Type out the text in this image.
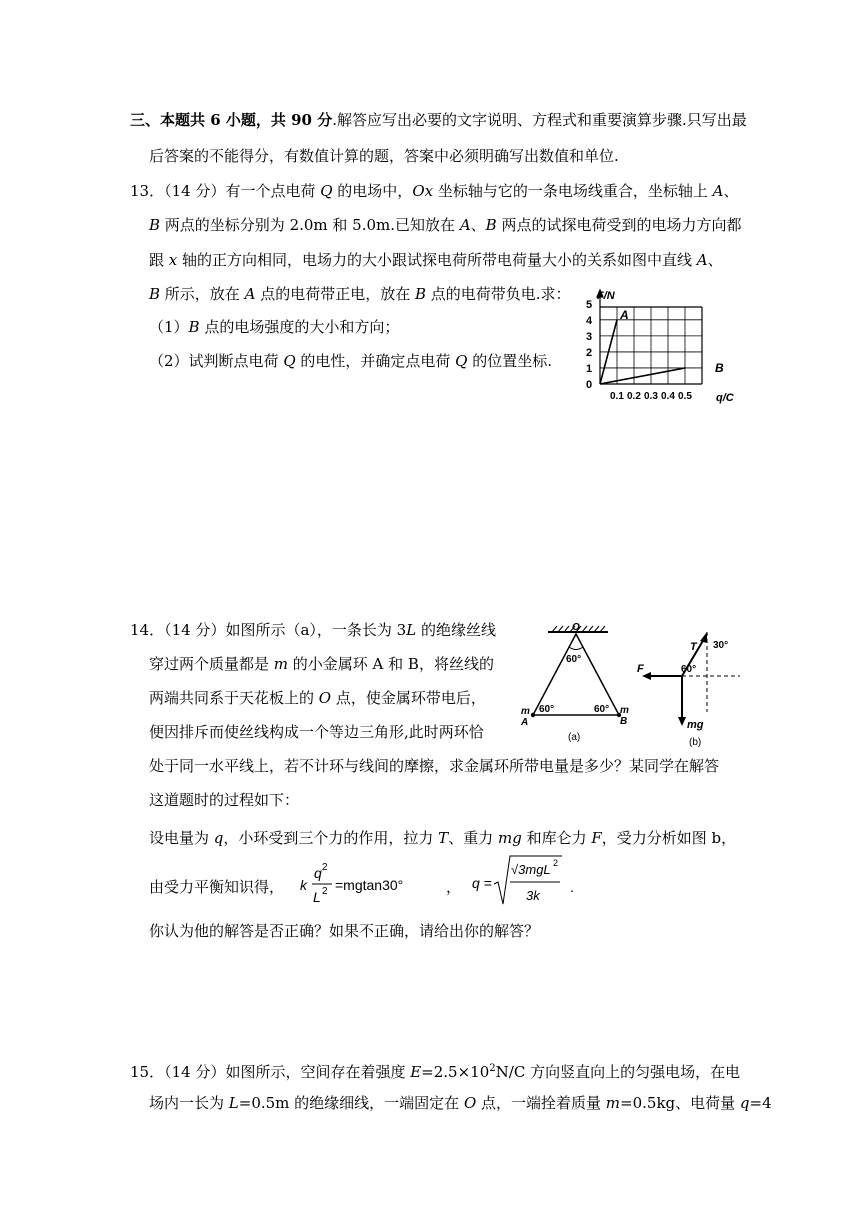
三、本题共 6 小题，共 90 分.解答应写出必要的文字说明、方程式和重要演算步骤.只写出最
后答案的不能得分，有数值计算的题，答案中必须明确写出数值和单位.
13．（14 分）有一个点电荷 Q 的电场中，Ox 坐标轴与它的一条电场线重合，坐标轴上 A、
B 两点的坐标分别为 2.0m 和 5.0m.已知放在 A、B 两点的试探电荷受到的电场力方向都
跟 x 轴的正方向相同，电场力的大小跟试探电荷所带电荷量大小的关系如图中直线 A、
B 所示，放在 A 点的电荷带正电，放在 B 点的电荷带负电.求：
（1）B 点的电场强度的大小和方向；
（2）试判断点电荷 Q 的电性，并确定点电荷 Q 的位置坐标.
F/N
5
4
3
2
1
0
0.1 0.2 0.3 0.4 0.5 q/C
A
B
14．（14 分）如图所示（a），一条长为 3L 的绝缘丝线
穿过两个质量都是 m 的小金属环 A 和 B，将丝线的
两端共同系于天花板上的 O 点，使金属环带电后，
便因排斥而使丝线构成一个等边三角形,此时两环恰
处于同一水平线上，若不计环与线间的摩擦，求金属环所带电量是多少？某同学在解答
这道题时的过程如下：
设电量为 q，小环受到三个力的作用，拉力 T、重力 mg 和库仑力 F，受力分析如图 b，
由受力平衡知识得， k
q 2
L 2 =mgtan30°	， q =
√3mgL 2
3k
.
你认为他的解答是否正确？如果不正确，请给出你的解答？
O
60°
60°	60°
m
A
m
B
(a)
T 30°
F	60°
mg
(b)
15．（14 分）如图所示，空间存在着强度 $E=2.5\times 10^2N/C$ 方向竖直向上的匀强电场，在电
场内一长为 L=0.5m 的绝缘细线，一端固定在 O 点，一端拴着质量 m=0.5kg、电荷量 q=4
